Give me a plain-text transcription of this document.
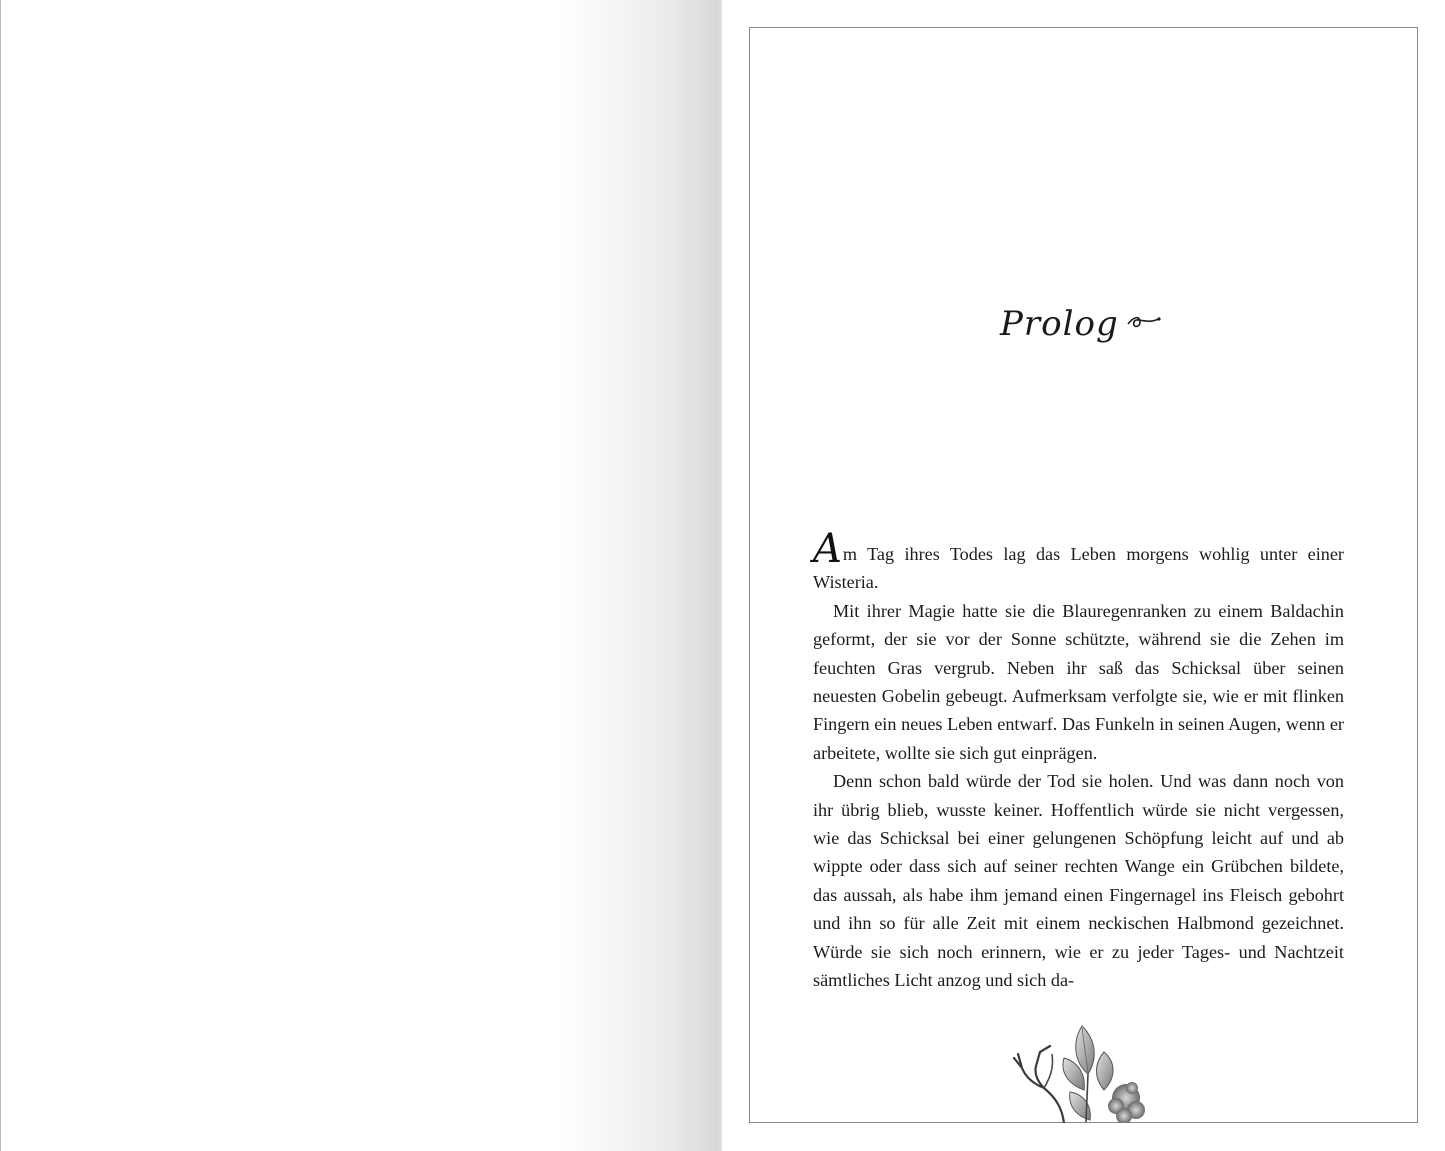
Prolog

Am Tag ihres Todes lag das Leben morgens wohlig unter einer Wisteria.

Mit ihrer Magie hatte sie die Blauregenranken zu einem Baldachin geformt, der sie vor der Sonne schützte, während sie die Zehen im feuchten Gras vergrub. Neben ihr saß das Schicksal über seinen neuesten Gobelin gebeugt. Aufmerksam verfolgte sie, wie er mit flinken Fingern ein neues Leben entwarf. Das Funkeln in seinen Augen, wenn er arbeitete, wollte sie sich gut einprägen.

Denn schon bald würde der Tod sie holen. Und was dann noch von ihr übrig blieb, wusste keiner. Hoffentlich würde sie nicht vergessen, wie das Schicksal bei einer gelungenen Schöpfung leicht auf und ab wippte oder dass sich auf seiner rechten Wange ein Grübchen bildete, das aussah, als habe ihm jemand einen Fingernagel ins Fleisch gebohrt und ihn so für alle Zeit mit einem neckischen Halbmond gezeichnet. Würde sie sich noch erinnern, wie er zu jeder Tages- und Nachtzeit sämtliches Licht anzog und sich da-
